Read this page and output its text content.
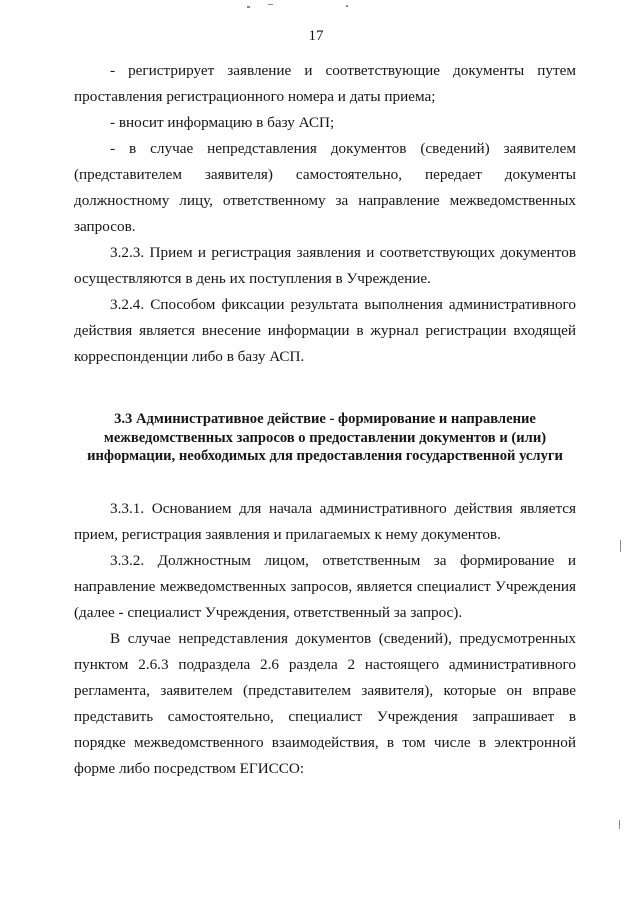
17

- регистрирует заявление и соответствующие документы путем проставления регистрационного номера и даты приема;

- вносит информацию в базу АСП;

- в случае непредставления документов (сведений) заявителем (представителем заявителя) самостоятельно, передает документы должностному лицу, ответственному за направление межведомственных запросов.

3.2.3. Прием и регистрация заявления и соответствующих документов осуществляются в день их поступления в Учреждение.

3.2.4. Способом фиксации результата выполнения административного действия является внесение информации в журнал регистрации входящей корреспонденции либо в базу АСП.

3.3 Административное действие - формирование и направление межведомственных запросов о предоставлении документов и (или) информации, необходимых для предоставления государственной услуги

3.3.1. Основанием для начала административного действия является прием, регистрация заявления и прилагаемых к нему документов.

3.3.2. Должностным лицом, ответственным за формирование и направление межведомственных запросов, является специалист Учреждения (далее - специалист Учреждения, ответственный за запрос).

В случае непредставления документов (сведений), предусмотренных пунктом 2.6.3 подраздела 2.6 раздела 2 настоящего административного регламента, заявителем (представителем заявителя), которые он вправе представить самостоятельно, специалист Учреждения запрашивает в порядке межведомственного взаимодействия, в том числе в электронной форме либо посредством ЕГИССО:
